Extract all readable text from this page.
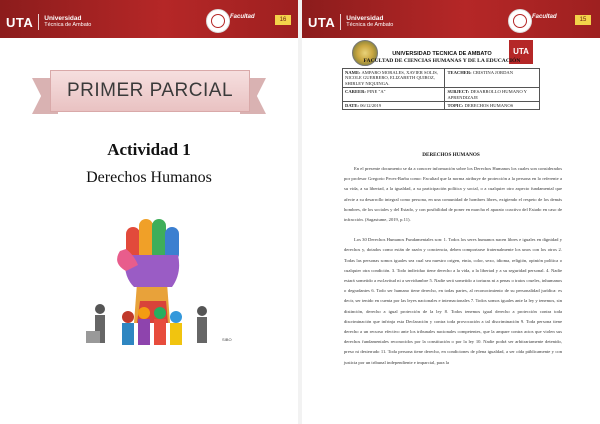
UTA Universidad
Técnica de Ambato
Facultad	16
PRIMER PARCIAL
Actividad 1
Derechos Humanos
SIBO
UTA Universidad
Técnica de Ambato
Facultad	15
UTA
UNIVERSIDAD TECNICA DE AMBATO
FACULTAD DE CIENCIAS HUMANAS Y DE LA EDUCACIÓN
NAME: AMPARO MORALES, XAVIER SOLIS, NICOLE GUERRERO, ELIZABETH QUIROZ, SHIRLEY NIQUINGA.	TEACHER: CRISTINA JORDAN
CAREER: PINE "A"	SUBJECT: DESARROLLO HUMANO Y APRENDIZAJE
DATE: 06/12/2019	TOPIC: DERECHOS HUMANOS
DERECHOS HUMANOS

En el presente documento se da a conocer información sobre los Derechos Humanos los cuales son considerados por profesor Gregorio Peces-Barba como: Facultad que la norma atribuye de protección a la persona en lo referente a su vida, a su libertad, a la igualdad, a su participación política y social, o a cualquier otro aspecto fundamental que afecte a su desarrollo integral como persona, en una comunidad de hombres libres, exigiendo el respeto de los demás hombres, de los sociales y del Estado, y con posibilidad de poner en marcha el aparato coactivo del Estado en caso de infracción. (Sagastume, 2019, p.11).

Los 30 Derechos Humanos Fundamentales son: 1. Todos los seres humanos nacen libres e iguales en dignidad y derechos y, dotados como están de razón y conciencia, deben comportarse fraternalmente los unos con los otros 2. Todas las personas somos iguales sea cual sea nuestro origen, etnia, color, sexo, idioma, religión, opinión política o cualquier otra condición. 3. Todo individuo tiene derecho a la vida, a la libertad y a su seguridad personal. 4. Nadie estará sometido a esclavitud ni a servidumbre 5. Nadie será sometido a torturas ni a penas o tratos crueles, inhumanos o degradantes 6. Todo ser humano tiene derecho, en todas partes, al reconocimiento de su personalidad jurídica: es decir, ser tenido en cuenta por las leyes nacionales e internacionales 7. Todos somos iguales ante la ley y tenemos, sin distinción, derecho a igual protección de la ley 8. Todos tenemos igual derecho a protección contra toda discriminación que infrinja esta Declaración y contra toda provocación a tal discriminación 9. Toda persona tiene derecho a un recurso efectivo ante los tribunales nacionales competentes, que la ampare contra actos que violen sus derechos fundamentales reconocidos por la constitución o por la ley 10. Nadie podrá ser arbitrariamente detenido, preso ni desterrado 11. Toda persona tiene derecho, en condiciones de plena igualdad, a ser oída públicamente y con justicia por un tribunal independiente e imparcial, para la
